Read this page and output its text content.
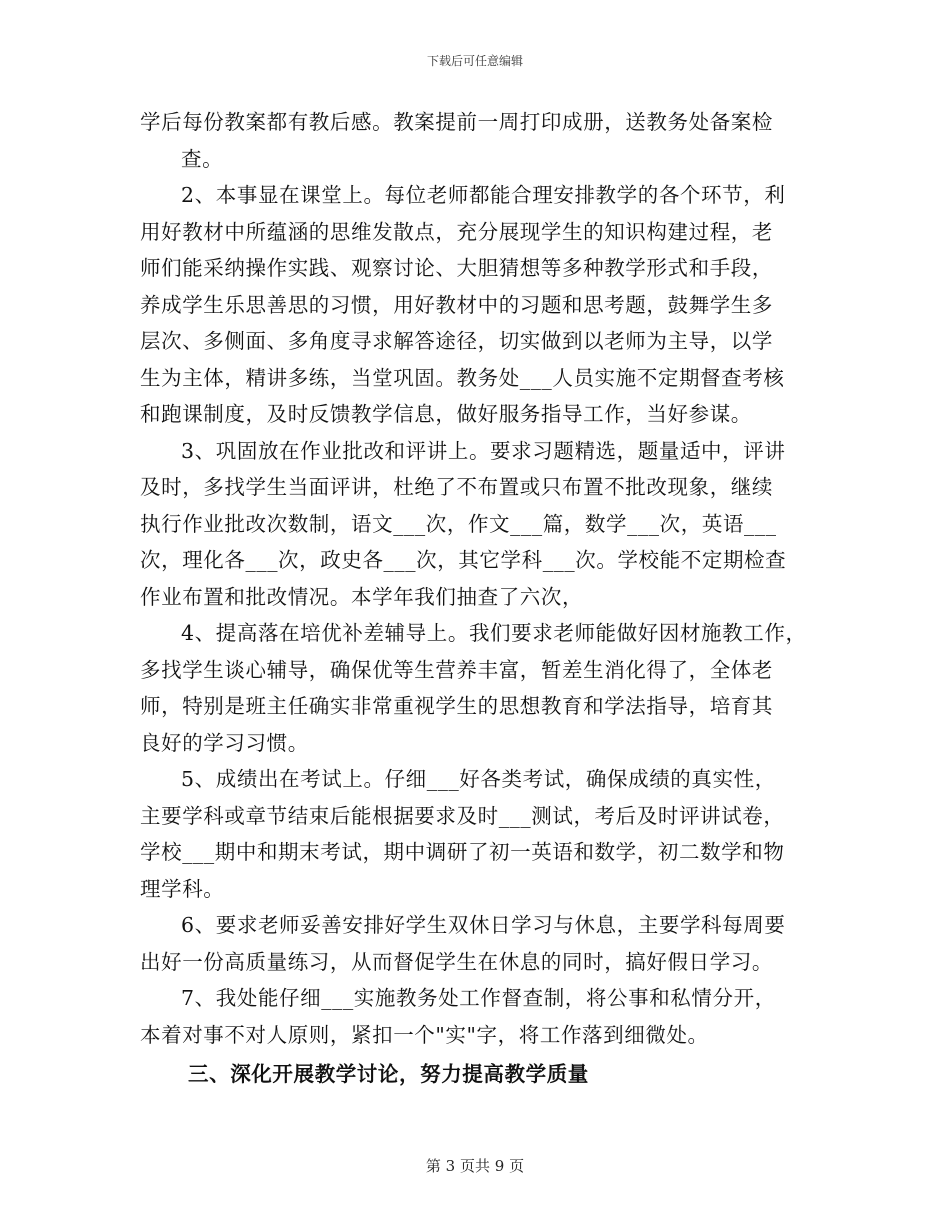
下载后可任意编辑
学后每份教案都有教后感。教案提前一周打印成册，送教务处备案检
查。
2、本事显在课堂上。每位老师都能合理安排教学的各个环节，利
用好教材中所蕴涵的思维发散点，充分展现学生的知识构建过程，老
师们能采纳操作实践、观察讨论、大胆猜想等多种教学形式和手段，
养成学生乐思善思的习惯，用好教材中的习题和思考题，鼓舞学生多
层次、多侧面、多角度寻求解答途径，切实做到以老师为主导，以学
生为主体，精讲多练，当堂巩固。教务处___人员实施不定期督查考核
和跑课制度，及时反馈教学信息，做好服务指导工作，当好参谋。
3、巩固放在作业批改和评讲上。要求习题精选，题量适中，评讲
及时，多找学生当面评讲，杜绝了不布置或只布置不批改现象，继续
执行作业批改次数制，语文___次，作文___篇，数学___次，英语___
次，理化各___次，政史各___次，其它学科___次。学校能不定期检查
作业布置和批改情况。本学年我们抽查了六次，
4、提高落在培优补差辅导上。我们要求老师能做好因材施教工作，
多找学生谈心辅导，确保优等生营养丰富，暂差生消化得了，全体老
师，特别是班主任确实非常重视学生的思想教育和学法指导，培育其
良好的学习习惯。
5、成绩出在考试上。仔细___好各类考试，确保成绩的真实性，
主要学科或章节结束后能根据要求及时___测试，考后及时评讲试卷，
学校___期中和期末考试，期中调研了初一英语和数学，初二数学和物
理学科。
6、要求老师妥善安排好学生双休日学习与休息，主要学科每周要
出好一份高质量练习，从而督促学生在休息的同时，搞好假日学习。
7、我处能仔细___实施教务处工作督查制，将公事和私情分开，
本着对事不对人原则，紧扣一个"实"字，将工作落到细微处。
三、深化开展教学讨论，努力提高教学质量
第 3 页共 9 页
